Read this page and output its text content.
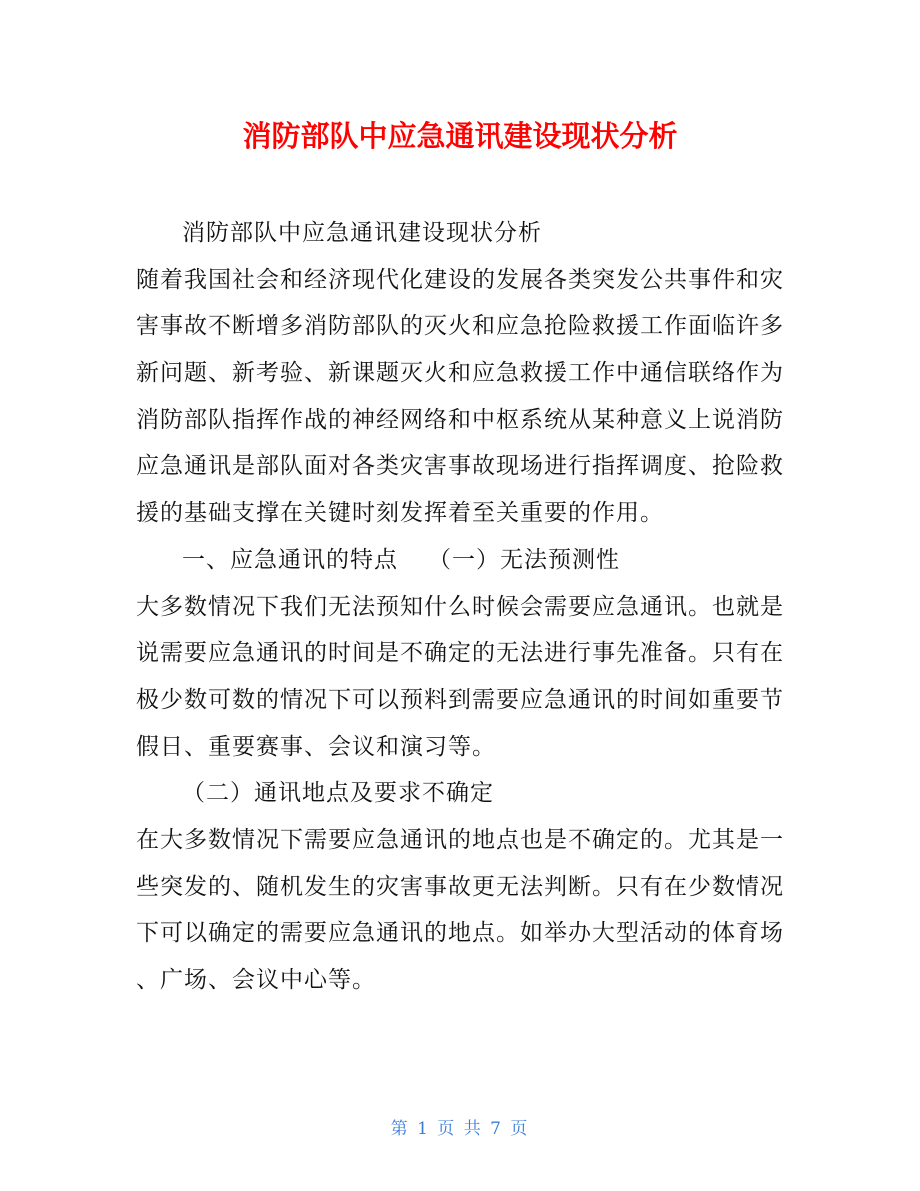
消防部队中应急通讯建设现状分析
消防部队中应急通讯建设现状分析
随着我国社会和经济现代化建设的发展各类突发公共事件和灾
害事故不断增多消防部队的灭火和应急抢险救援工作面临许多
新问题、新考验、新课题灭火和应急救援工作中通信联络作为
消防部队指挥作战的神经网络和中枢系统从某种意义上说消防
应急通讯是部队面对各类灾害事故现场进行指挥调度、抢险救
援的基础支撑在关键时刻发挥着至关重要的作用。
一、应急通讯的特点 （一）无法预测性
大多数情况下我们无法预知什么时候会需要应急通讯。也就是
说需要应急通讯的时间是不确定的无法进行事先准备。只有在
极少数可数的情况下可以预料到需要应急通讯的时间如重要节
假日、重要赛事、会议和演习等。
（二）通讯地点及要求不确定
在大多数情况下需要应急通讯的地点也是不确定的。尤其是一
些突发的、随机发生的灾害事故更无法判断。只有在少数情况
下可以确定的需要应急通讯的地点。如举办大型活动的体育场
、广场、会议中心等。
第 1 页 共 7 页
